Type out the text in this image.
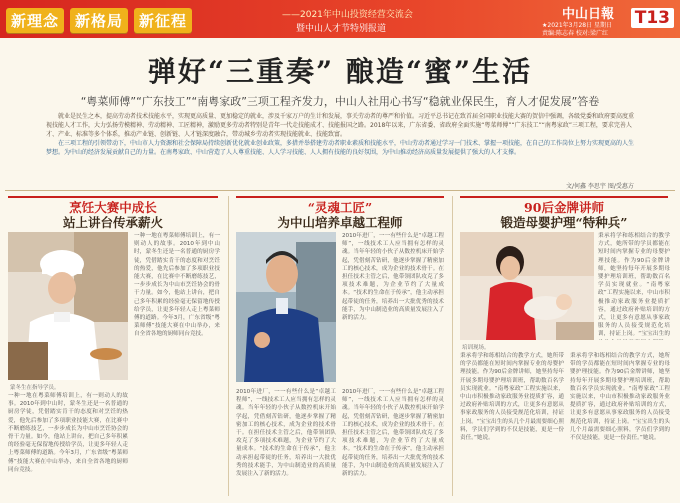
新理念	新格局	新征程	——2021年中山投资经营交流会
暨中山人才节特别报道
中山日報
★2021年3月28日 星期日
责编:陈志春 校对:梁广红
T13
弹好“三重奏” 酿造“蜜”生活
“粤菜师傅”“广东技工”“南粤家政”三项工程齐发力，中山人社用心书写“稳就业保民生，育人才促发展”答卷

就业是民生之本，提高劳动者技术技能水平，实现更高质量、更加稳定的就业，涉及千家万户的生计和发展，事关劳动者的尊严和价值。习近平总书记在致首届全国职业技能大赛的贺信中强调，各级党委和政府要高度重视技能人才工作，大力弘扬劳模精神、劳动精神、工匠精神，激励更多劳动者特别是青年一代走技能成才、技能报国之路。2018年以来，广东省委、省政府全面实施“粤菜师傅”“广东技工”“南粤家政”三项工程，要求完善人才、产业、标准等多个体系，推动产业链、创新链、人才链深度融合，带动城乡劳动者实现技能就业、技能致富。

在三项工程的引领带动下，中山市人力资源和社会保障局持续创新优化就业创业政策，多措并举搭建劳动者职业素质和技能水平，中山劳动者通过学习一门技术、掌握一项技能，在自己的工作岗位上努力实现更高的人生梦想。为中山的经济发展贡献自己的力量。在南粤家政、中山营造了人人尊重技能、人人学习技能、人人拥有技能的良好氛围，为中山推动经济高质量发展提供了强大的人才支撑。

文/何鑫 李思宇 图/受惠方
烹饪大赛中成长
站上讲台传承薪火
蒙冬生在指导学员。
一种一地在粤菜师傅培训上，有一则动人的故事。2010年到中山时，蒙冬生还是一名普通的厨房学徒，凭借踏实肯干的态度和对烹饪的热爱，他先后参加了多项职业技能大赛，在比赛中不断磨练技艺，一步步成长为中山市烹饪协会的骨干力量。如今，他站上讲台，把自己多年积累的经验毫无保留地传授给学员，让更多年轻人走上粤菜师傅的道路。今年3月，广东省级“粤菜师傅”技能大赛在中山举办，来自全省各地的厨师同台竞技。
一种一地在粤菜师傅培训上，有一则动人的故事。2010年到中山时，蒙冬生还是一名普通的厨房学徒，凭借踏实肯干的态度和对烹饪的热爱，他先后参加了多项职业技能大赛，在比赛中不断磨练技艺，一步步成长为中山市烹饪协会的骨干力量。如今，他站上讲台，把自己多年积累的经验毫无保留地传授给学员，让更多年轻人走上粤菜师傅的道路。今年3月，广东省级“粤菜师傅”技能大赛在中山举办，来自全省各地的厨师同台竞技。
“灵魂工匠”
为中山培养卓越工程师
2010年进厂，一一有些什么是“卓越工程师”，一线技术工人应当拥有怎样的灵魂。当年年轻的小伙子从数控机床开始学起，凭借刻苦钻研，他逐步掌握了精密加工的核心技术，成为企业的技术骨干。在担任技术主管之后，他带领团队攻克了多项技术难题，为企业节约了大量成本。“技术的生命在于传承”，他主动承担起带徒的任务，培养出一大批优秀的技术能手，为中山制造业的高质量发展注入了新的活力。
2010年进厂，一一有些什么是“卓越工程师”，一线技术工人应当拥有怎样的灵魂。当年年轻的小伙子从数控机床开始学起，凭借刻苦钻研，他逐步掌握了精密加工的核心技术，成为企业的技术骨干。在担任技术主管之后，他带领团队攻克了多项技术难题，为企业节约了大量成本。“技术的生命在于传承”，他主动承担起带徒的任务，培养出一大批优秀的技术能手，为中山制造业的高质量发展注入了新的活力。
2010年进厂，一一有些什么是“卓越工程师”，一线技术工人应当拥有怎样的灵魂。当年年轻的小伙子从数控机床开始学起，凭借刻苦钻研，他逐步掌握了精密加工的核心技术，成为企业的技术骨干。在担任技术主管之后，他带领团队攻克了多项技术难题，为企业节约了大量成本。“技术的生命在于传承”，他主动承担起带徒的任务，培养出一大批优秀的技术能手，为中山制造业的高质量发展注入了新的活力。
90后金牌讲师
锻造母婴护理“特种兵”
培训现场。
秉承将学和练相结合的教学方式，她所带的学员都能在短时间内掌握专业的母婴护理技能。作为90后金牌讲师，她坚持每年开展多期母婴护理培训班，帮助数百名学员实现就业。“南粤家政”工程实施以来，中山市积极推动家政服务业提质扩容，通过政府补贴培训的方式，让更多有意愿从事家政服务的人员接受规范化培训，持证上岗。“宝宝出生的
秉承将学和练相结合的教学方式，她所带的学员都能在短时间内掌握专业的母婴护理技能。作为90后金牌讲师，她坚持每年开展多期母婴护理培训班，帮助数百名学员实现就业。“南粤家政”工程实施以来，中山市积极推动家政服务业提质扩容，通过政府补贴培训的方式，让更多有意愿从事家政服务的人员接受规范化培训，持证上岗。“宝宝出生的头几个月最需要细心照料，学员们学到的不仅是技能，更是一份责任。”她说。
秉承将学和练相结合的教学方式，她所带的学员都能在短时间内掌握专业的母婴护理技能。作为90后金牌讲师，她坚持每年开展多期母婴护理培训班，帮助数百名学员实现就业。“南粤家政”工程实施以来，中山市积极推动家政服务业提质扩容，通过政府补贴培训的方式，让更多有意愿从事家政服务的人员接受规范化培训，持证上岗。“宝宝出生的头几个月最需要细心照料，学员们学到的不仅是技能，更是一份责任。”她说。
